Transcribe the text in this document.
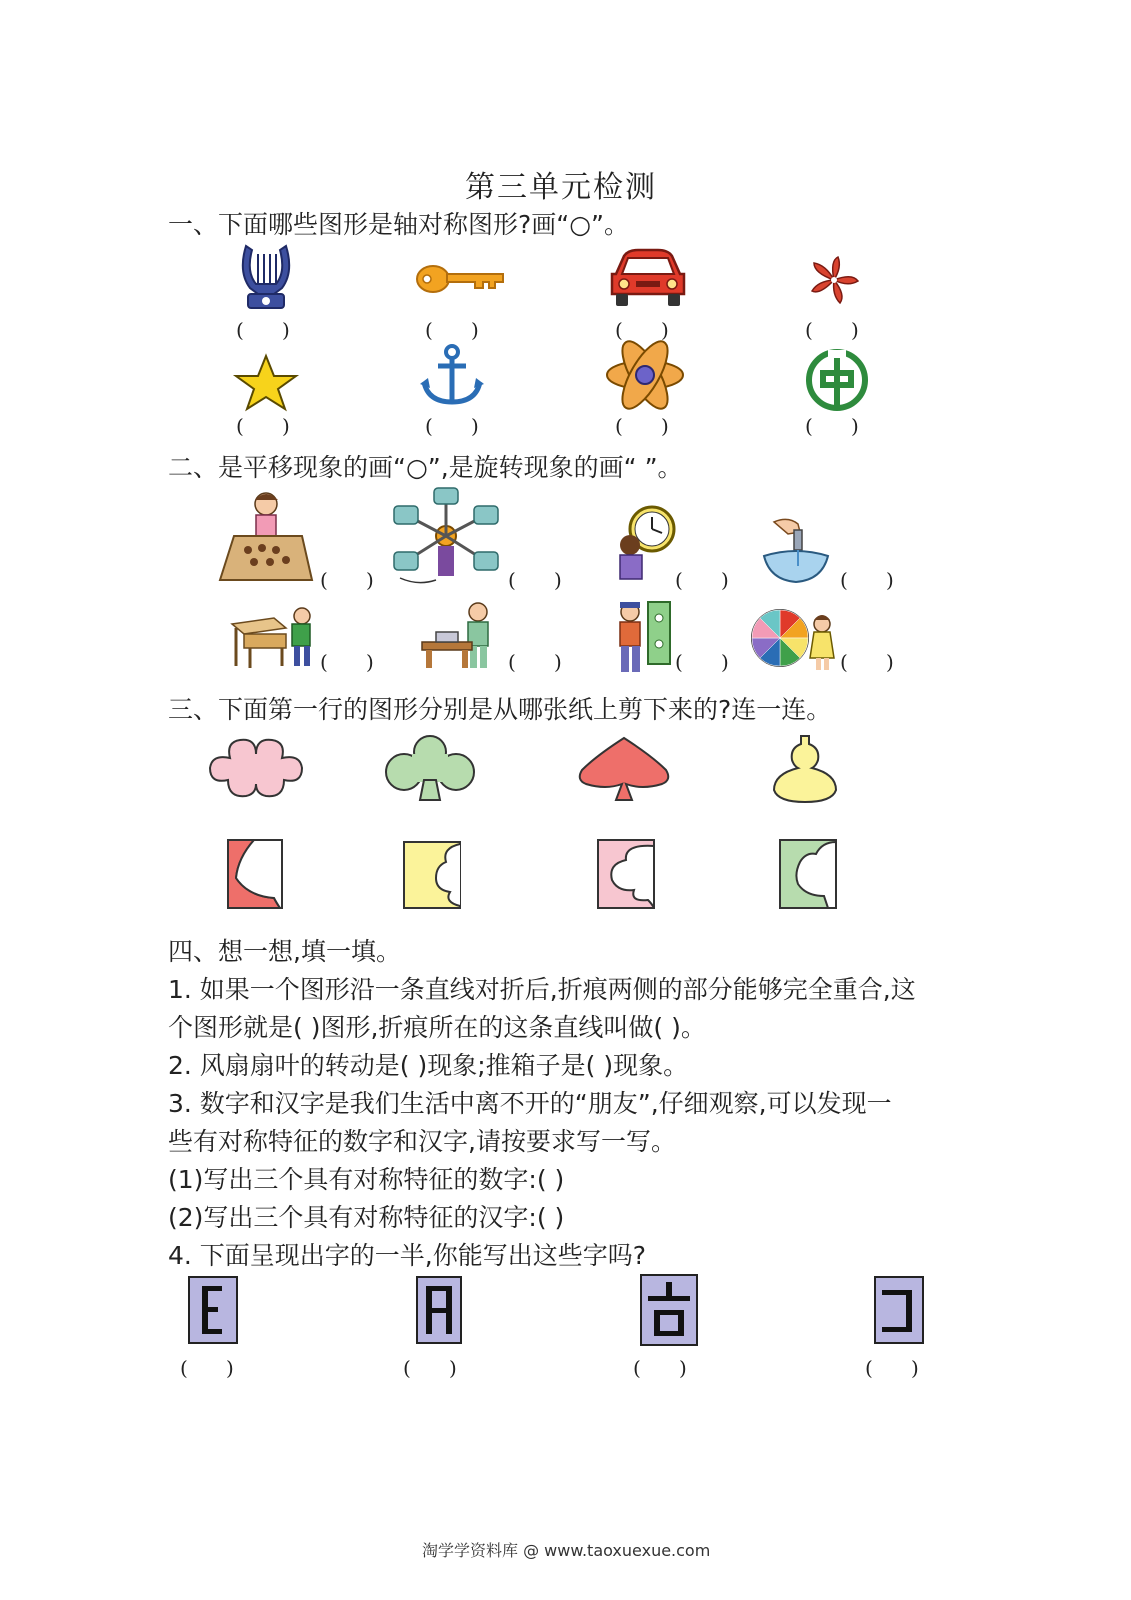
第三单元检测
一、下面哪些图形是轴对称图形?画“○”。
(      )	(      )	(      )	(      )
(      )	(      )	(      )	(      )
二、是平移现象的画“○”,是旋转现象的画“ ”。
(      )	(      )	(      )	(      )
(      )	(      )	(      )	(      )
三、下面第一行的图形分别是从哪张纸上剪下来的?连一连。
四、想一想,填一填。
1. 如果一个图形沿一条直线对折后,折痕两侧的部分能够完全重合,这
个图形就是( )图形,折痕所在的这条直线叫做( )。
2. 风扇扇叶的转动是( )现象;推箱子是( )现象。
3. 数字和汉字是我们生活中离不开的“朋友”,仔细观察,可以发现一
些有对称特征的数字和汉字,请按要求写一写。
(1)写出三个具有对称特征的数字:( )
(2)写出三个具有对称特征的汉字:( )
4. 下面呈现出字的一半,你能写出这些字吗?
(      )	(      )	(      )	(      )
淘学学资料库 @ www.taoxuexue.com
